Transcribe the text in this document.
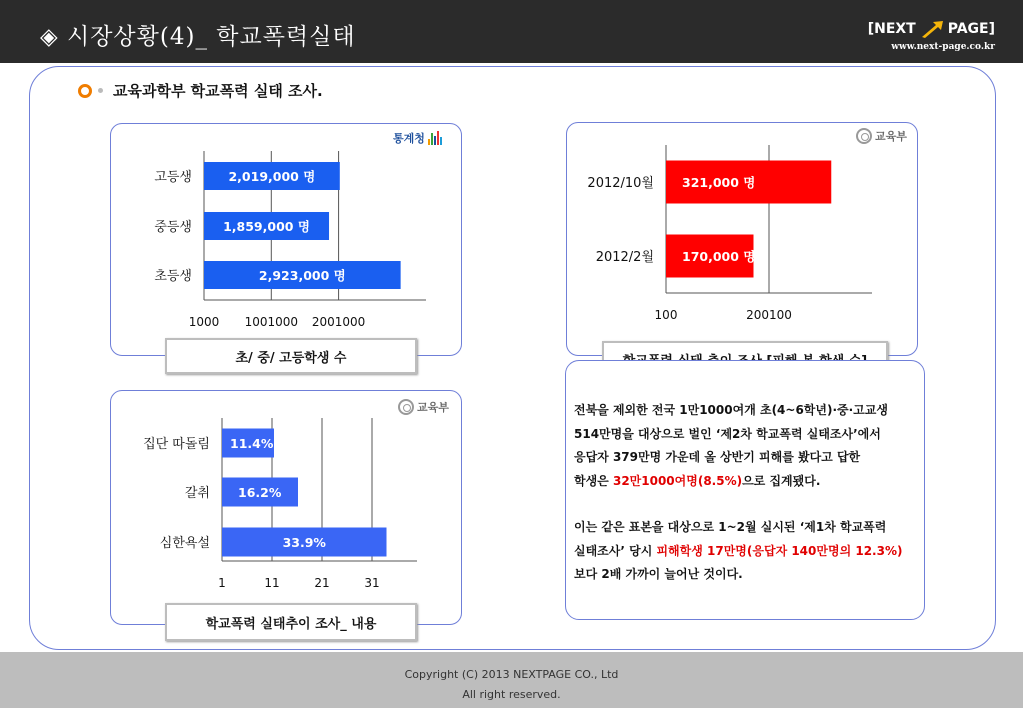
◈ 시장상황(4)_ 학교폭력실태	[NEXT PAGE]
www.next-page.co.kr
교육과학부 학교폭력 실태 조사.
통계청
1000 1001000 2001000
고등생	2,019,000 명
중등생 1,859,000 명
초등생	2,923,000 명
초/ 중/ 고등학생 수
교육부
100	200100
2012/10월 321,000 명
2012/2월 170,000 명
교육부
1	11	21	31
집단 따돌림 11.4%
갈취 16.2%
심한욕설	33.9%
학교폭력 실태추이 조사_ 내용

전북을 제외한 전국 1만1000여개 초(4~6학년)·중·고교생
514만명을 대상으로 벌인 ‘제2차 학교폭력 실태조사’에서
응답자 379만명 가운데 올 상반기 피해를 봤다고 답한
학생은 32만1000여명(8.5%)으로 집계됐다.

이는 같은 표본을 대상으로 1~2월 실시된 ‘제1차 학교폭력
실태조사’ 당시 피해학생 17만명(응답자 140만명의 12.3%)
보다 2배 가까이 늘어난 것이다.

Copyright (C) 2013 NEXTPAGE CO., Ltd
All right reserved.
